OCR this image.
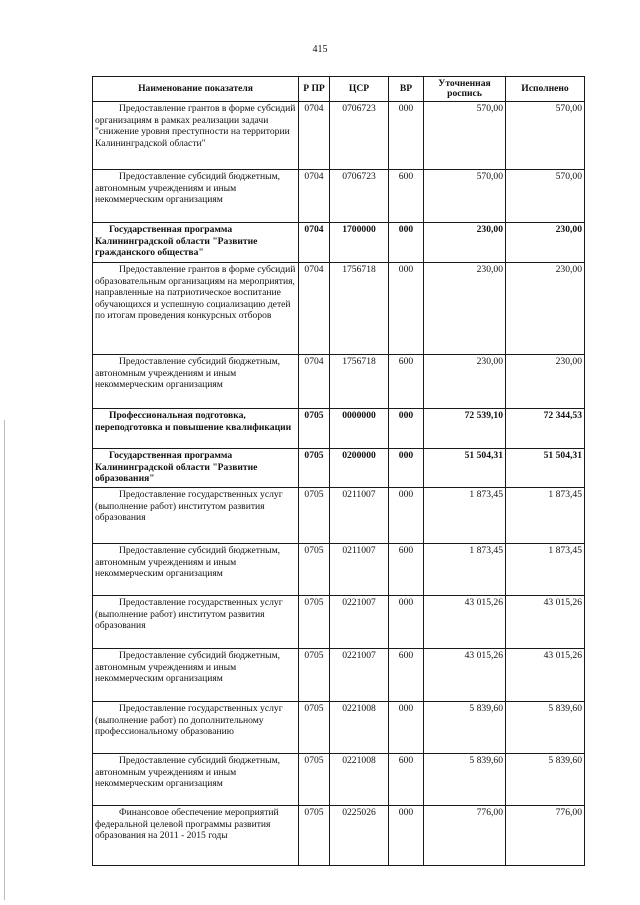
415
Наименование показателя	Р ПР	ЦСР	ВР	Уточненная роспись	Исполнено
Предоставление грантов в форме субсидий организациям в рамках реализации задачи "снижение уровня преступности на территории Калининградской области"	0704	0706723	000	570,00	570,00
Предоставление субсидий бюджетным, автономным учреждениям и иным некоммерческим организациям	0704	0706723	600	570,00	570,00
Государственная программа Калининградской области "Развитие гражданского общества"	0704	1700000	000	230,00	230,00
Предоставление грантов в форме субсидий образовательным организациям на мероприятия, направленные на патриотическое воспитание обучающихся и успешную социализацию детей по итогам проведения конкурсных отборов	0704	1756718	000	230,00	230,00
Предоставление субсидий бюджетным, автономным учреждениям и иным некоммерческим организациям	0704	1756718	600	230,00	230,00
Профессиональная подготовка, переподготовка и повышение квалификации	0705	0000000	000	72 539,10	72 344,53
Государственная программа Калининградской области "Развитие образования"	0705	0200000	000	51 504,31	51 504,31
Предоставление государственных услуг (выполнение работ) институтом развития образования	0705	0211007	000	1 873,45	1 873,45
Предоставление субсидий бюджетным, автономным учреждениям и иным некоммерческим организациям	0705	0211007	600	1 873,45	1 873,45
Предоставление государственных услуг (выполнение работ) институтом развития образования	0705	0221007	000	43 015,26	43 015,26
Предоставление субсидий бюджетным, автономным учреждениям и иным некоммерческим организациям	0705	0221007	600	43 015,26	43 015,26
Предоставление государственных услуг (выполнение работ) по дополнительному профессиональному образованию	0705	0221008	000	5 839,60	5 839,60
Предоставление субсидий бюджетным, автономным учреждениям и иным некоммерческим организациям	0705	0221008	600	5 839,60	5 839,60
Финансовое обеспечение мероприятий федеральной целевой программы развития образования на 2011 - 2015 годы	0705	0225026	000	776,00	776,00
